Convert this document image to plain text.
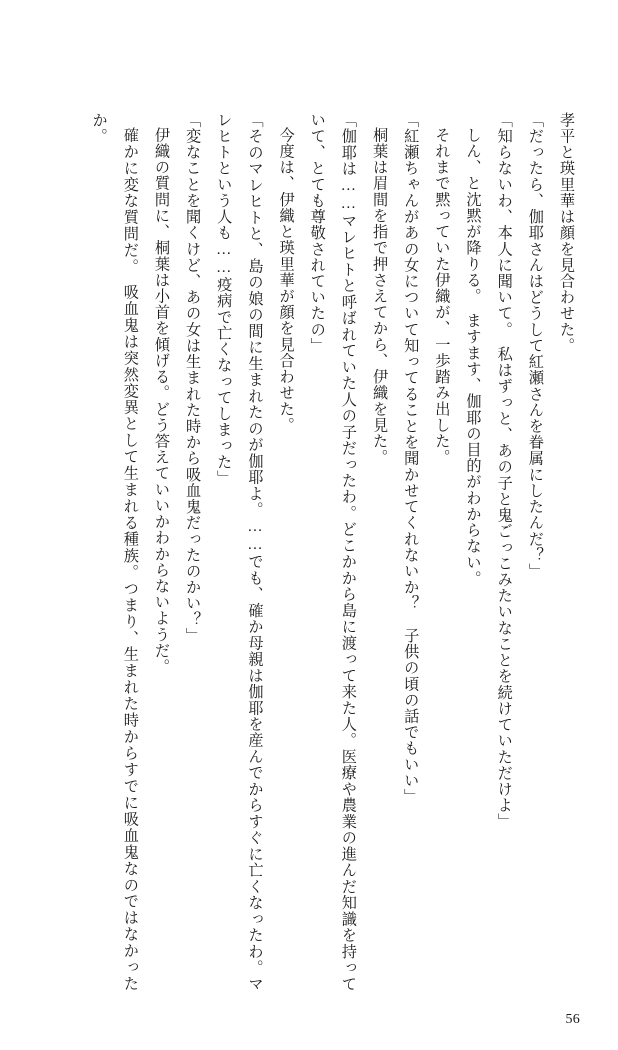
孝平と瑛里華は顔を見合わせた。

「だったら、伽耶さんはどうして紅瀬さんを眷属にしたんだ？」

「知らないわ、本人に聞いて。　私はずっと、あの子と鬼ごっこみたいなことを続けていただけよ」

しん、と沈黙が降りる。　ますます、伽耶の目的がわからない。

それまで黙っていた伊織が、一歩踏み出した。

「紅瀬ちゃんがあの女について知ってることを聞かせてくれないか？　子供の頃の話でもいい」

桐葉は眉間を指で押さえてから、伊織を見た。

「伽耶は……マレヒトと呼ばれていた人の子だったわ。どこかから島に渡って来た人。医療や農業の進んだ知識を持っていて、とても尊敬されていたの」

今度は、伊織と瑛里華が顔を見合わせた。

「そのマレヒトと、島の娘の間に生まれたのが伽耶よ。……でも、確か母親は伽耶を産んでからすぐに亡くなったわ。マレヒトという人も……疫病で亡くなってしまった」

「変なことを聞くけど、あの女は生まれた時から吸血鬼だったのかい？」

伊織の質問に、桐葉は小首を傾げる。どう答えていいかわからないようだ。

確かに変な質問だ。　吸血鬼は突然変異として生まれる種族。つまり、生まれた時からすでに吸血鬼なのではなかったか。

56
